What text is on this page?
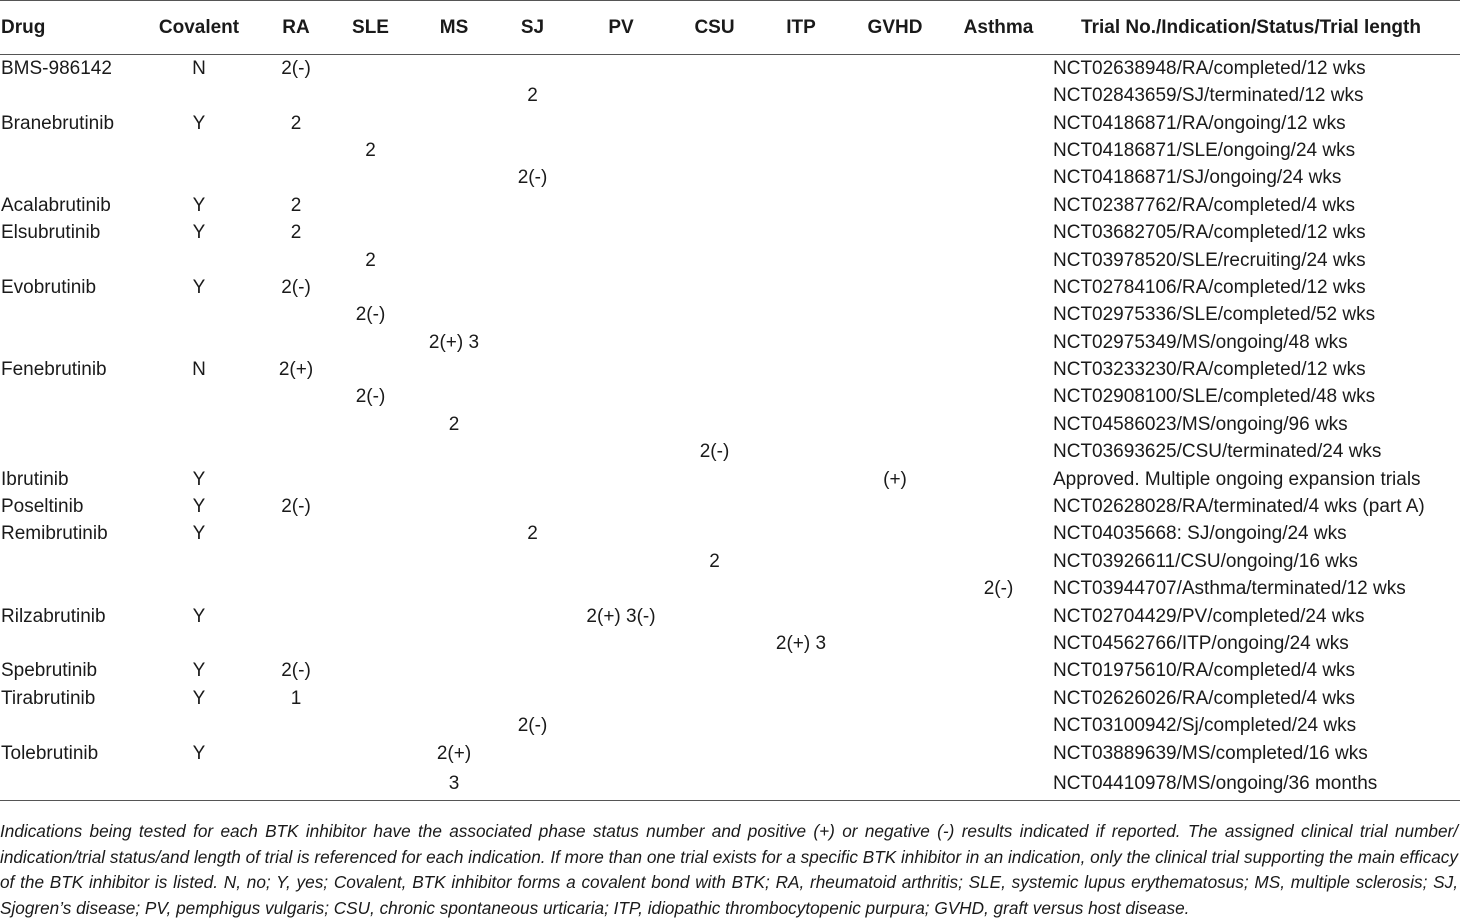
Drug	Covalent	RA	SLE	MS	SJ	PV	CSU	ITP	GVHD	Asthma	Trial No./Indication/Status/Trial length
BMS-986142	N	2(-)									NCT02638948/RA/completed/12 wks
					2						NCT02843659/SJ/terminated/12 wks
Branebrutinib	Y	2									NCT04186871/RA/ongoing/12 wks
			2								NCT04186871/SLE/ongoing/24 wks
					2(-)						NCT04186871/SJ/ongoing/24 wks
Acalabrutinib	Y	2									NCT02387762/RA/completed/4 wks
Elsubrutinib	Y	2									NCT03682705/RA/completed/12 wks
			2								NCT03978520/SLE/recruiting/24 wks
Evobrutinib	Y	2(-)									NCT02784106/RA/completed/12 wks
			2(-)								NCT02975336/SLE/completed/52 wks
				2(+) 3							NCT02975349/MS/ongoing/48 wks
Fenebrutinib	N	2(+)									NCT03233230/RA/completed/12 wks
			2(-)								NCT02908100/SLE/completed/48 wks
				2							NCT04586023/MS/ongoing/96 wks
							2(-)				NCT03693625/CSU/terminated/24 wks
Ibrutinib	Y								(+)		Approved. Multiple ongoing expansion trials
Poseltinib	Y	2(-)									NCT02628028/RA/terminated/4 wks (part A)
Remibrutinib	Y				2						NCT04035668: SJ/ongoing/24 wks
							2				NCT03926611/CSU/ongoing/16 wks
										2(-)	NCT03944707/Asthma/terminated/12 wks
Rilzabrutinib	Y					2(+) 3(-)					NCT02704429/PV/completed/24 wks
								2(+) 3			NCT04562766/ITP/ongoing/24 wks
Spebrutinib	Y	2(-)									NCT01975610/RA/completed/4 wks
Tirabrutinib	Y	1									NCT02626026/RA/completed/4 wks
					2(-)						NCT03100942/Sj/completed/24 wks
Tolebrutinib	Y			2(+)							NCT03889639/MS/completed/16 wks
				3							NCT04410978/MS/ongoing/36 months

Indications being tested for each BTK inhibitor have the associated phase status number and positive (+) or negative (-) results indicated if reported. The assigned clinical trial number/ indication/trial status/and length of trial is referenced for each indication. If more than one trial exists for a specific BTK inhibitor in an indication, only the clinical trial supporting the main efficacy of the BTK inhibitor is listed. N, no; Y, yes; Covalent, BTK inhibitor forms a covalent bond with BTK; RA, rheumatoid arthritis; SLE, systemic lupus erythematosus; MS, multiple sclerosis; SJ, Sjogren’s disease; PV, pemphigus vulgaris; CSU, chronic spontaneous urticaria; ITP, idiopathic thrombocytopenic purpura; GVHD, graft versus host disease.
